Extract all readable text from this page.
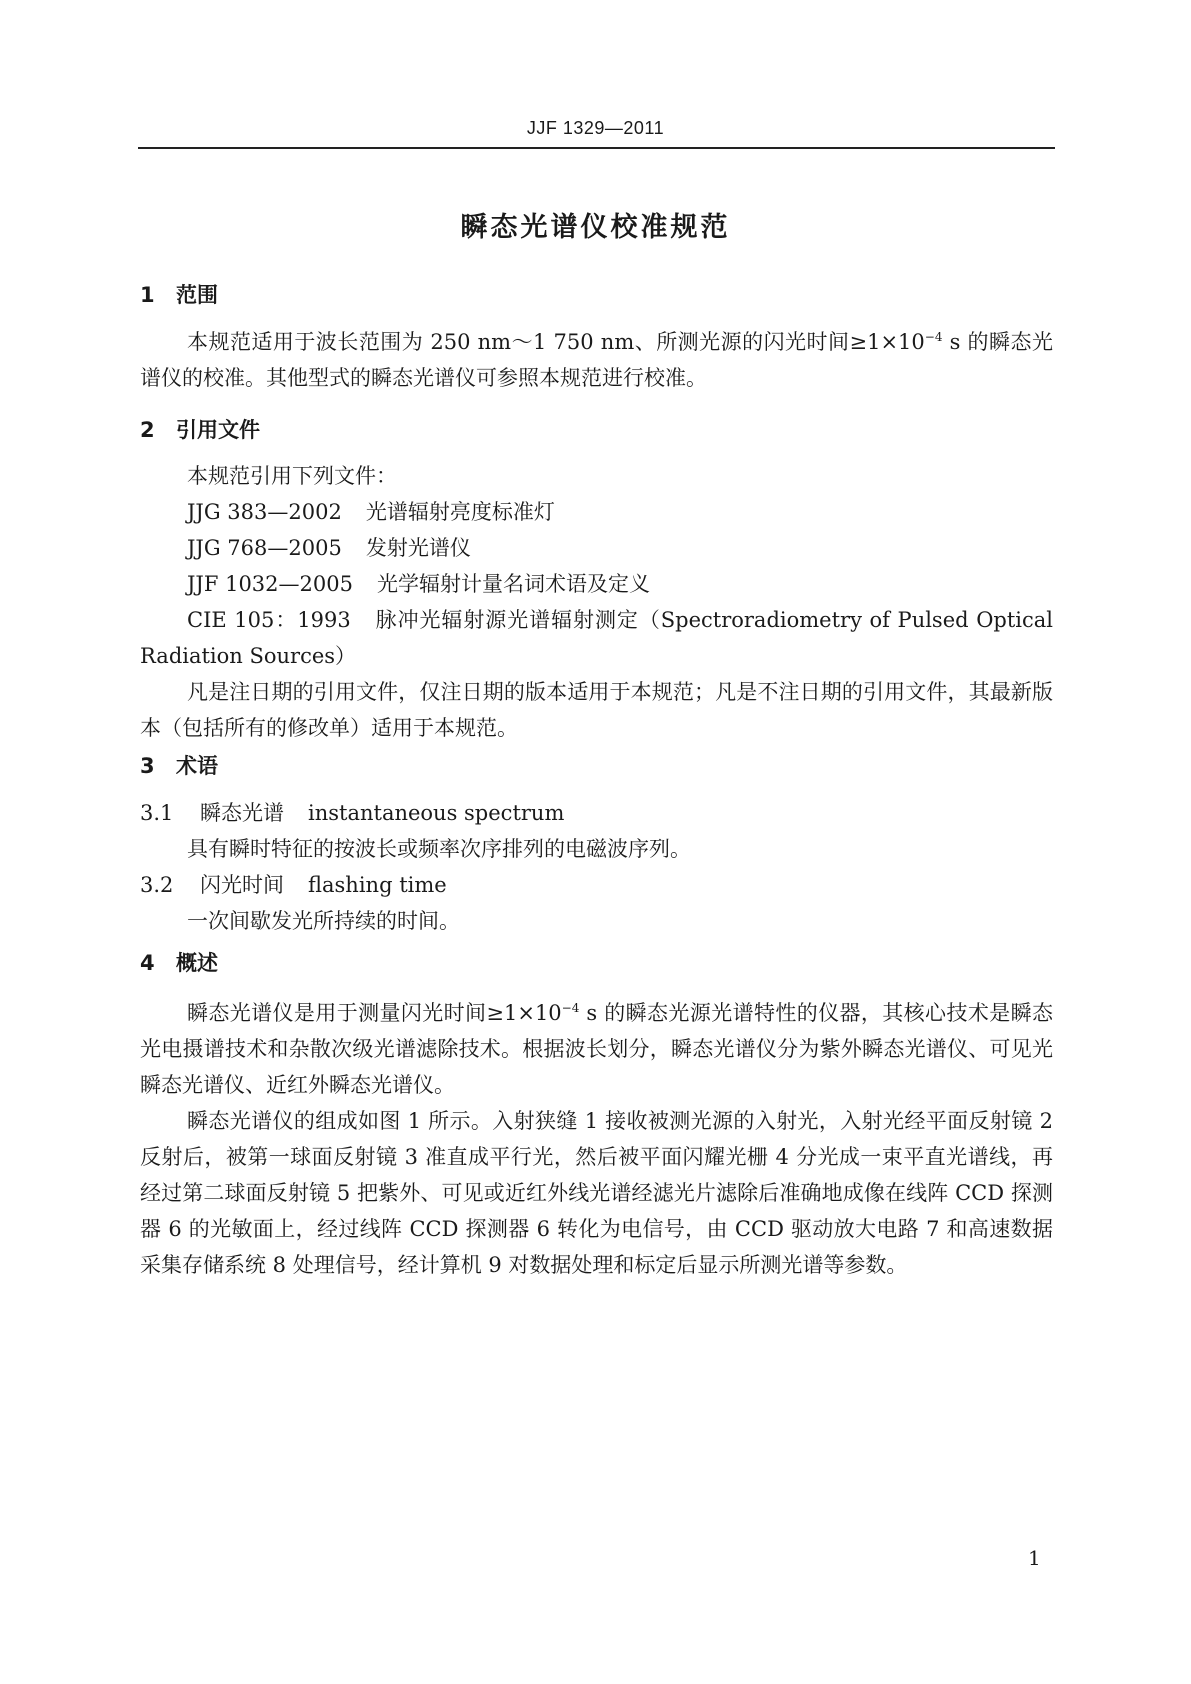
JJF 1329—2011
瞬态光谱仪校准规范
1 范围

本规范适用于波长范围为 250 nm～1 750 nm、所测光源的闪光时间$\ge 1\times 10^{-4}$ s 的瞬态光谱仪的校准。其他型式的瞬态光谱仪可参照本规范进行校准。

2 引用文件

本规范引用下列文件：

JJG 383—2002 光谱辐射亮度标准灯
JJG 768—2005 发射光谱仪
JJF 1032—2005 光学辐射计量名词术语及定义

CIE 105：1993 脉冲光辐射源光谱辐射测定（Spectroradiometry of Pulsed Optical Radiation Sources）

凡是注日期的引用文件，仅注日期的版本适用于本规范；凡是不注日期的引用文件，其最新版本（包括所有的修改单）适用于本规范。

3 术语
3.1 瞬态光谱 instantaneous spectrum

具有瞬时特征的按波长或频率次序排列的电磁波序列。

3.2 闪光时间 flashing time

一次间歇发光所持续的时间。

4 概述

瞬态光谱仪是用于测量闪光时间$\ge 1\times 10^{-4}$ s 的瞬态光源光谱特性的仪器，其核心技术是瞬态光电摄谱技术和杂散次级光谱滤除技术。根据波长划分，瞬态光谱仪分为紫外瞬态光谱仪、可见光瞬态光谱仪、近红外瞬态光谱仪。

瞬态光谱仪的组成如图 1 所示。入射狭缝 1 接收被测光源的入射光，入射光经平面反射镜 2 反射后，被第一球面反射镜 3 准直成平行光，然后被平面闪耀光栅 4 分光成一束平直光谱线，再经过第二球面反射镜 5 把紫外、可见或近红外线光谱经滤光片滤除后准确地成像在线阵 CCD 探测器 6 的光敏面上，经过线阵 CCD 探测器 6 转化为电信号，由 CCD 驱动放大电路 7 和高速数据采集存储系统 8 处理信号，经计算机 9 对数据处理和标定后显示所测光谱等参数。

1
